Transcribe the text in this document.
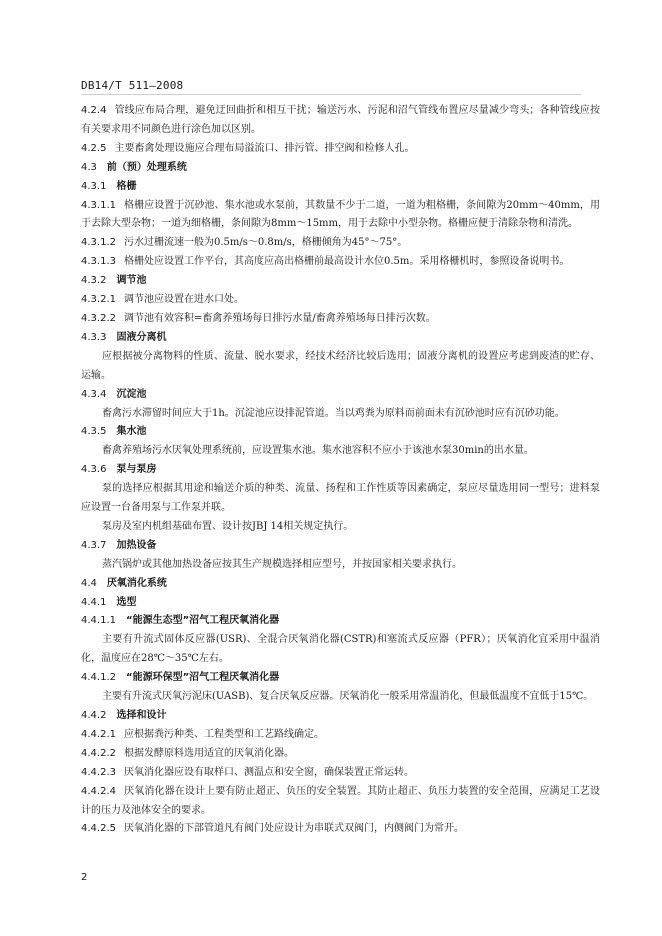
DB14/T 511—2008

4.2.4 管线应布局合理，避免迂回曲折和相互干扰；输送污水、污泥和沼气管线布置应尽量减少弯头；各种管线应按有关要求用不同颜色进行涂色加以区别。

4.2.5 主要畜禽处理设施应合理布局溢流口、排污管、排空阀和检修人孔。

4.3 前（预）处理系统

4.3.1 格栅

4.3.1.1 格栅应设置于沉砂池、集水池或水泵前，其数量不少于二道，一道为粗格栅，条间隙为20mm～40mm，用于去除大型杂物；一道为细格栅，条间隙为8mm～15mm，用于去除中小型杂物。格栅应便于清除杂物和清洗。

4.3.1.2 污水过栅流速一般为0.5m/s～0.8m/s，格栅倾角为45°～75°。

4.3.1.3 格栅处应设置工作平台，其高度应高出格栅前最高设计水位0.5m。采用格栅机时，参照设备说明书。

4.3.2 调节池

4.3.2.1 调节池应设置在进水口处。

4.3.2.2 调节池有效容积=畜禽养殖场每日排污水量/畜禽养殖场每日排污次数。

4.3.3 固液分离机

应根据被分离物料的性质、流量、脱水要求，经技术经济比较后选用；固液分离机的设置应考虑到废渣的贮存、运输。

4.3.4 沉淀池

畜禽污水滞留时间应大于1h。沉淀池应设排泥管道。当以鸡粪为原料而前面未有沉砂池时应有沉砂功能。

4.3.5 集水池

畜禽养殖场污水厌氧处理系统前，应设置集水池。集水池容积不应小于该池水泵30min的出水量。

4.3.6 泵与泵房

泵的选择应根据其用途和输送介质的种类、流量、扬程和工作性质等因素确定，泵应尽量选用同一型号；进料泵应设置一台备用泵与工作泵并联。

泵房及室内机组基础布置、设计按JBJ 14相关规定执行。

4.3.7 加热设备

蒸汽锅炉或其他加热设备应按其生产规模选择相应型号，并按国家相关要求执行。

4.4 厌氧消化系统

4.4.1 选型

4.4.1.1 “能源生态型”沼气工程厌氧消化器

主要有升流式固体反应器(USR)、全混合厌氧消化器(CSTR)和塞流式反应器（PFR）；厌氧消化宜采用中温消化，温度应在28℃～35℃左右。

4.4.1.2 “能源环保型”沼气工程厌氧消化器

主要有升流式厌氧污泥床(UASB)、复合厌氧反应器。厌氧消化一般采用常温消化，但最低温度不宜低于15℃。

4.4.2 选择和设计

4.4.2.1 应根据粪污种类、工程类型和工艺路线确定。

4.4.2.2 根据发酵原料选用适宜的厌氧消化器。

4.4.2.3 厌氧消化器应设有取样口、测温点和安全窗，确保装置正常运转。

4.4.2.4 厌氧消化器在设计上要有防止超正、负压的安全装置。其防止超正、负压力装置的安全范围，应满足工艺设计的压力及池体安全的要求。

4.4.2.5 厌氧消化器的下部管道凡有阀门处应设计为串联式双阀门，内侧阀门为常开。

2
